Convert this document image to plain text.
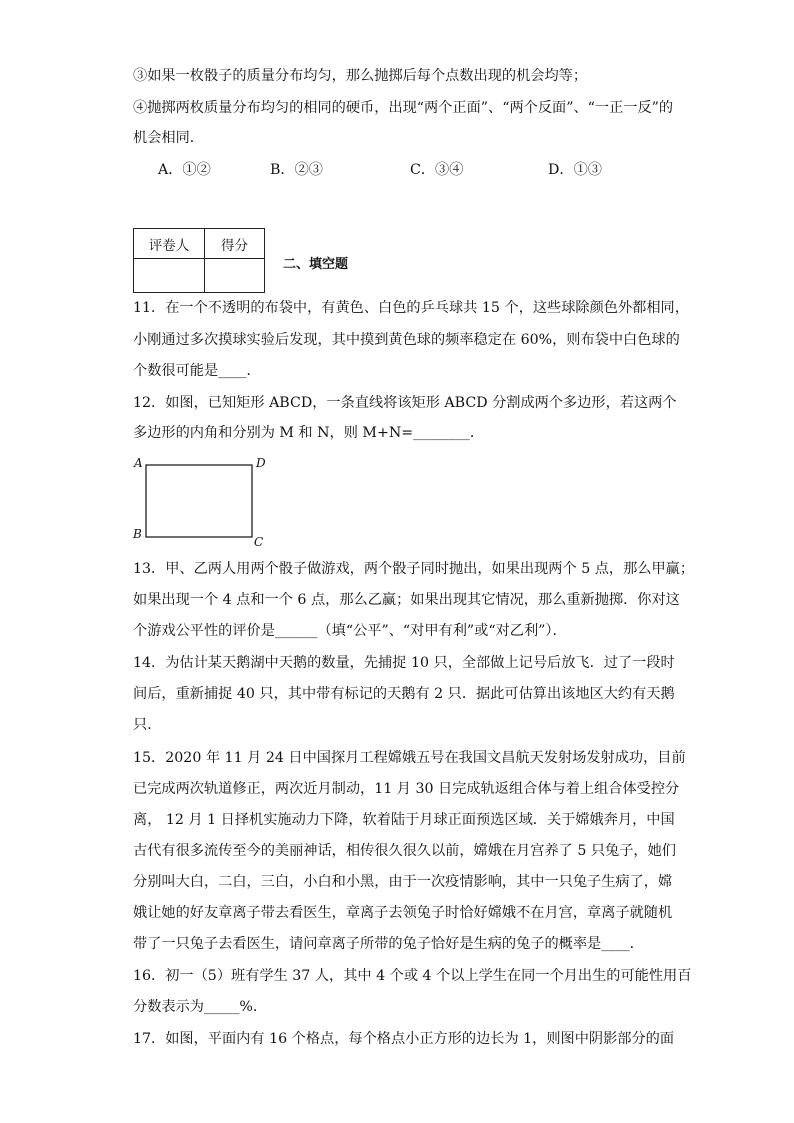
③如果一枚骰子的质量分布均匀，那么抛掷后每个点数出现的机会均等；
④抛掷两枚质量分布均匀的相同的硬币，出现“两个正面”、“两个反面”、“一正一反”的
机会相同．
A．①②	B．②③	C．③④	D．①③
评卷人	得分

二、填空题
11．在一个不透明的布袋中，有黄色、白色的乒乓球共 15 个，这些球除颜色外都相同，
小刚通过多次摸球实验后发现，其中摸到黄色球的频率稳定在 60%，则布袋中白色球的
个数很可能是____．
12．如图，已知矩形 ABCD，一条直线将该矩形 ABCD 分割成两个多边形，若这两个
多边形的内角和分别为 M 和 N，则 M+N=________．
A	D
B
C
13．甲、乙两人用两个骰子做游戏，两个骰子同时抛出，如果出现两个 5 点，那么甲赢；
如果出现一个 4 点和一个 6 点，那么乙赢；如果出现其它情况，那么重新抛掷．你对这
个游戏公平性的评价是______（填“公平”、“对甲有利”或“对乙利”）．
14．为估计某天鹅湖中天鹅的数量，先捕捉 10 只，全部做上记号后放飞．过了一段时
间后，重新捕捉 40 只，其中带有标记的天鹅有 2 只．据此可估算出该地区大约有天鹅
只．
15．2020 年 11 月 24 日中国探月工程嫦娥五号在我国文昌航天发射场发射成功，目前
已完成两次轨道修正，两次近月制动，11 月 30 日完成轨返组合体与着上组合体受控分
离， 12 月 1 日择机实施动力下降，软着陆于月球正面预选区域．关于嫦娥奔月，中国
古代有很多流传至今的美丽神话，相传很久很久以前，嫦娥在月宫养了 5 只兔子，她们
分别叫大白，二白，三白，小白和小黑，由于一次疫情影响，其中一只兔子生病了，嫦
娥让她的好友章离子带去看医生，章离子去领兔子时恰好嫦娥不在月宫，章离子就随机
带了一只兔子去看医生，请问章离子所带的兔子恰好是生病的兔子的概率是____．
16．初一（5）班有学生 37 人，其中 4 个或 4 个以上学生在同一个月出生的可能性用百
分数表示为_____%．
17．如图，平面内有 16 个格点，每个格点小正方形的边长为 1，则图中阴影部分的面
